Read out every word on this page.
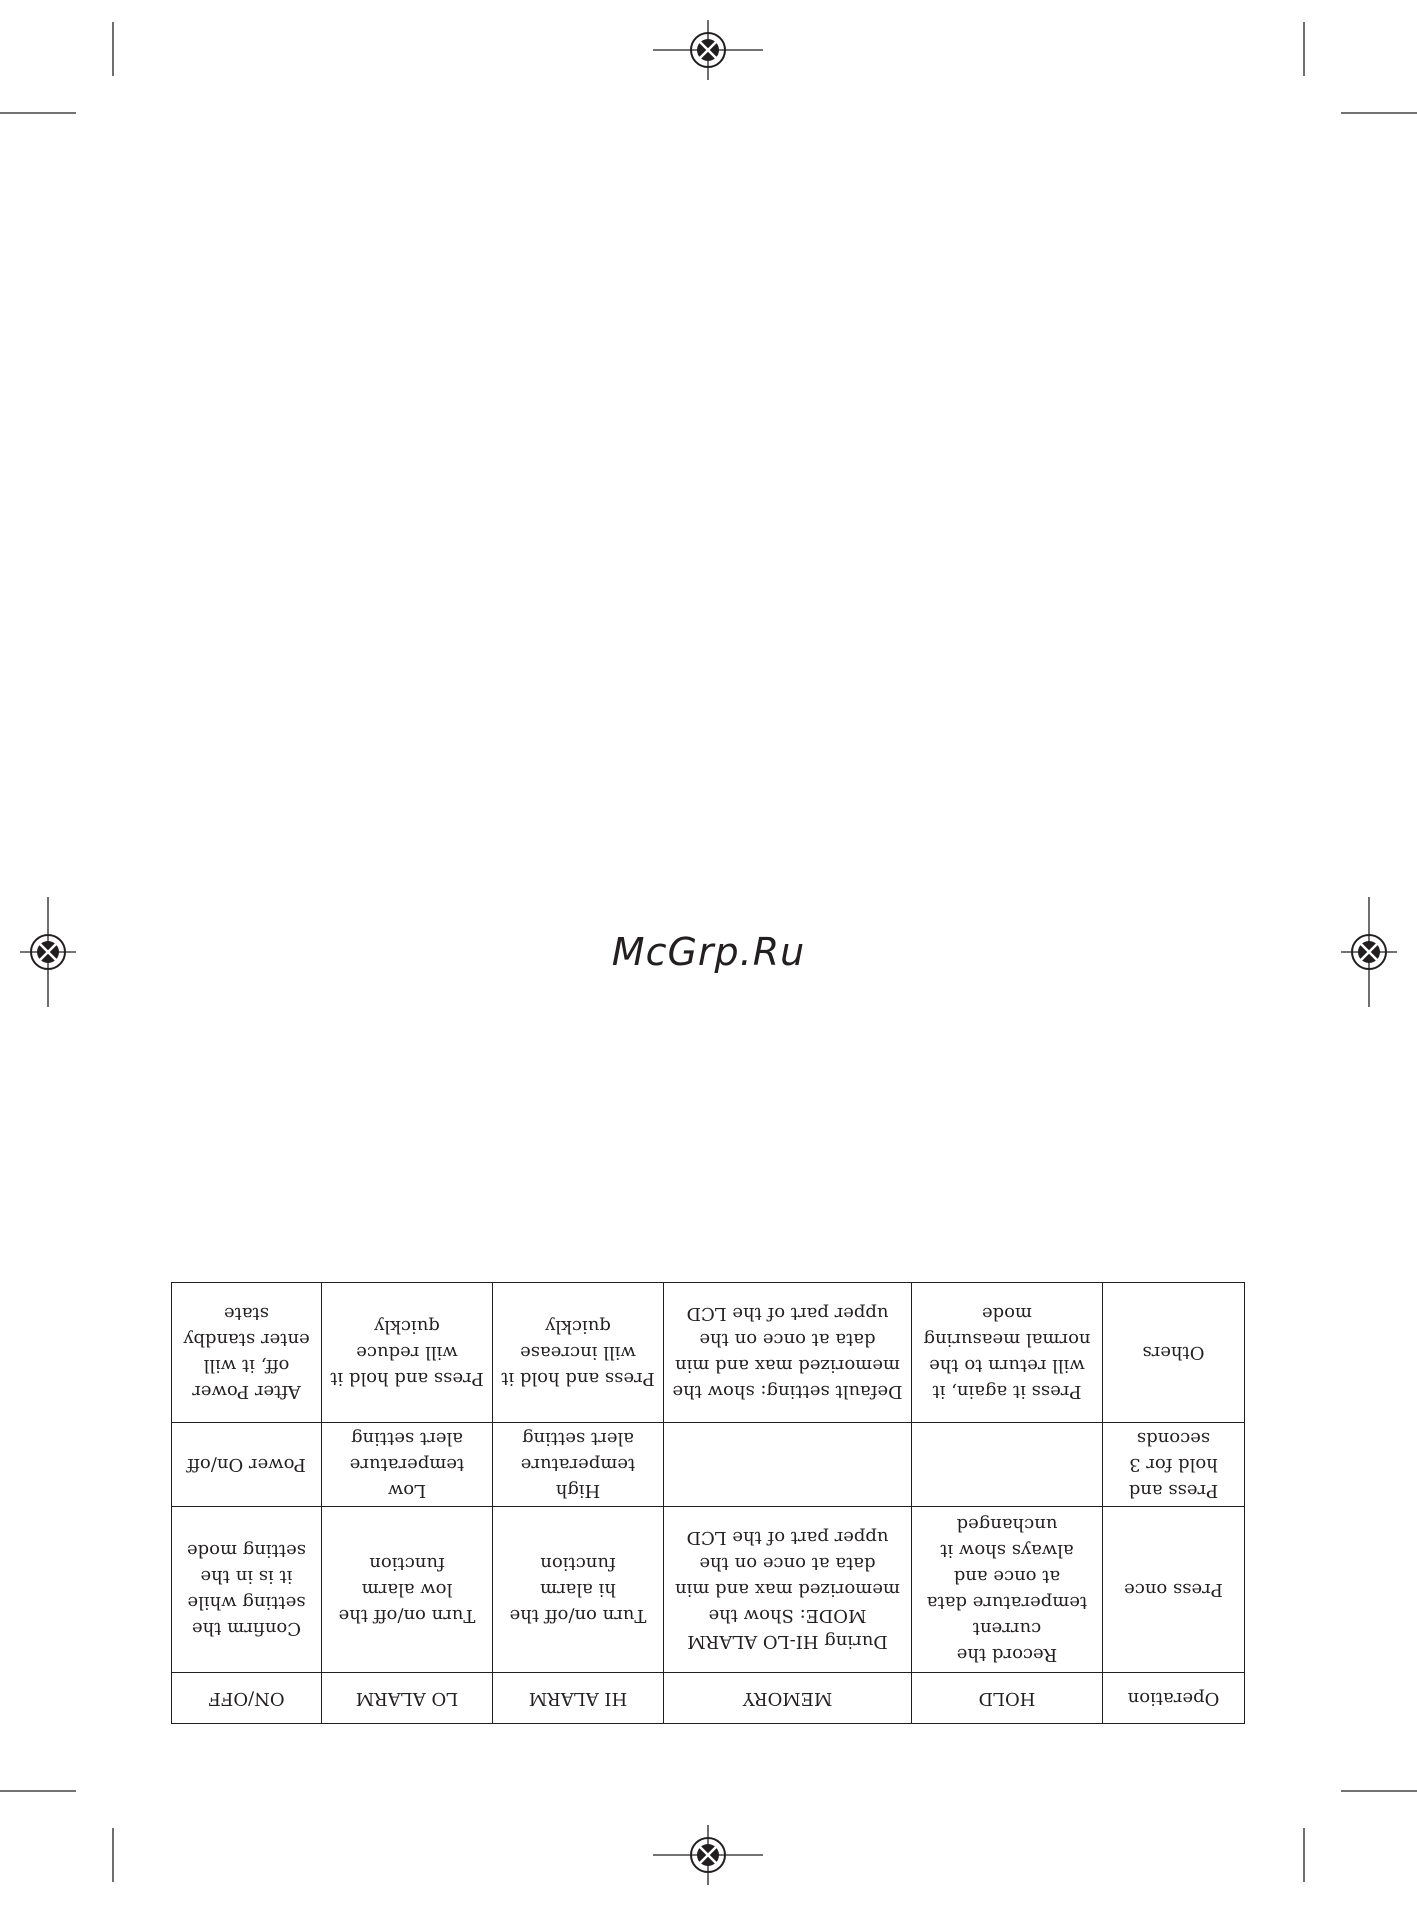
McGrp.Ru
Operation	HOLD	MEMORY	HI ALARM	LO ALARM	ON/OFF
Press once	Record the current temperature data at once and always show it unchanged	During HI-LO ALARM MODE: Show the memorized max and min data at once on the upper part of the LCD	Turn on/off the hi alarm function	Turn on/off the low alarm function	Confirm the setting while it is in the setting mode
Press and hold for 3 seconds			High temperature alert setting	Low temperature alert setting	Power On/off
Others	Press it again, it will return to the normal measuring mode	Default setting: show the memorized max and min data at once on the upper part of the LCD	Press and hold it will increase quickly	Press and hold it will reduce quickly	After Power off, it will enter standby state
